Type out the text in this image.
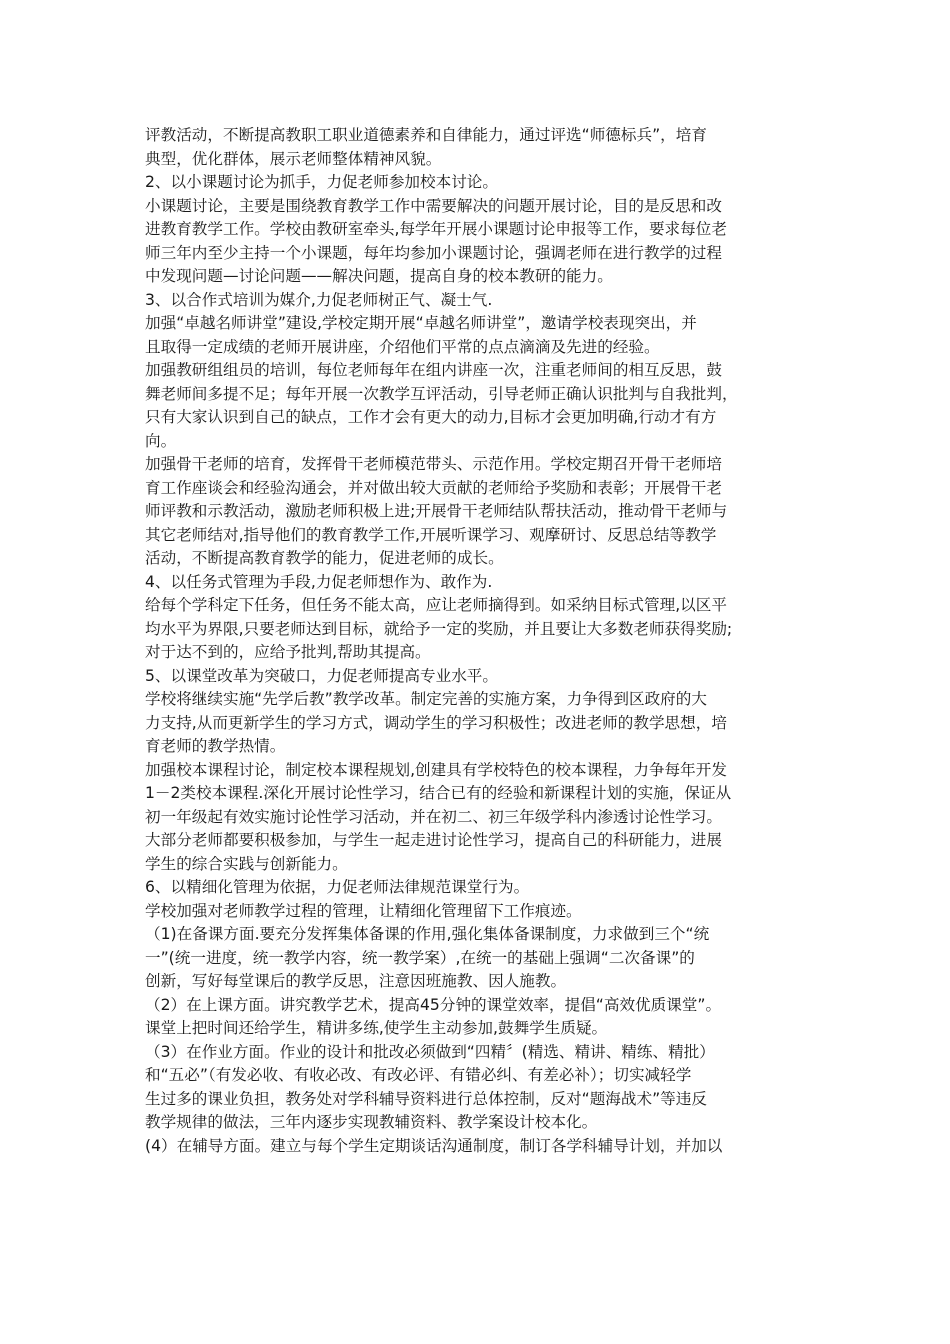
评教活动，不断提高教职工职业道德素养和自律能力，通过评选“师德标兵”，培育
典型，优化群体，展示老师整体精神风貌。
2、以小课题讨论为抓手，力促老师参加校本讨论。
小课题讨论，主要是围绕教育教学工作中需要解决的问题开展讨论，目的是反思和改
进教育教学工作。学校由教研室牵头,每学年开展小课题讨论申报等工作，要求每位老
师三年内至少主持一个小课题，每年均参加小课题讨论，强调老师在进行教学的过程
中发现问题—讨论问题——解决问题，提高自身的校本教研的能力。
3、以合作式培训为媒介,力促老师树正气、凝士气.
加强“卓越名师讲堂”建设,学校定期开展“卓越名师讲堂”，邀请学校表现突出，并
且取得一定成绩的老师开展讲座，介绍他们平常的点点滴滴及先进的经验。
加强教研组组员的培训，每位老师每年在组内讲座一次，注重老师间的相互反思，鼓
舞老师间多提不足；每年开展一次教学互评活动，引导老师正确认识批判与自我批判，
只有大家认识到自己的缺点，工作才会有更大的动力,目标才会更加明确,行动才有方
向。
加强骨干老师的培育，发挥骨干老师模范带头、示范作用。学校定期召开骨干老师培
育工作座谈会和经验沟通会，并对做出较大贡献的老师给予奖励和表彰；开展骨干老
师评教和示教活动，激励老师积极上进;开展骨干老师结队帮扶活动，推动骨干老师与
其它老师结对,指导他们的教育教学工作,开展听课学习、观摩研讨、反思总结等教学
活动，不断提高教育教学的能力，促进老师的成长。
4、以任务式管理为手段,力促老师想作为、敢作为.
给每个学科定下任务，但任务不能太高，应让老师摘得到。如采纳目标式管理,以区平
均水平为界限,只要老师达到目标，就给予一定的奖励，并且要让大多数老师获得奖励;
对于达不到的，应给予批判,帮助其提高。
5、以课堂改革为突破口，力促老师提高专业水平。
学校将继续实施“先学后教”教学改革。制定完善的实施方案，力争得到区政府的大
力支持,从而更新学生的学习方式，调动学生的学习积极性；改进老师的教学思想，培
育老师的教学热情。
加强校本课程讨论，制定校本课程规划,创建具有学校特色的校本课程，力争每年开发
1－2类校本课程.深化开展讨论性学习，结合已有的经验和新课程计划的实施，保证从
初一年级起有效实施讨论性学习活动，并在初二、初三年级学科内渗透讨论性学习。
大部分老师都要积极参加，与学生一起走进讨论性学习，提高自己的科研能力，进展
学生的综合实践与创新能力。
6、以精细化管理为依据，力促老师法律规范课堂行为。
学校加强对老师教学过程的管理，让精细化管理留下工作痕迹。
（1)在备课方面.要充分发挥集体备课的作用,强化集体备课制度，力求做到三个“统
一”(统一进度，统一教学内容，统一教学案）,在统一的基础上强调“二次备课”的
创新，写好每堂课后的教学反思，注意因班施教、因人施教。
（2）在上课方面。讲究教学艺术，提高45分钟的课堂效率，提倡“高效优质课堂”。
课堂上把时间还给学生，精讲多练,使学生主动参加,鼓舞学生质疑。
（3）在作业方面。作业的设计和批改必须做到“四精〞(精选、精讲、精练、精批）
和“五必”（有发必收、有收必改、有改必评、有错必纠、有差必补）；切实减轻学
生过多的课业负担，教务处对学科辅导资料进行总体控制，反对“题海战术”等违反
教学规律的做法，三年内逐步实现教辅资料、教学案设计校本化。
(4）在辅导方面。建立与每个学生定期谈话沟通制度，制订各学科辅导计划，并加以
